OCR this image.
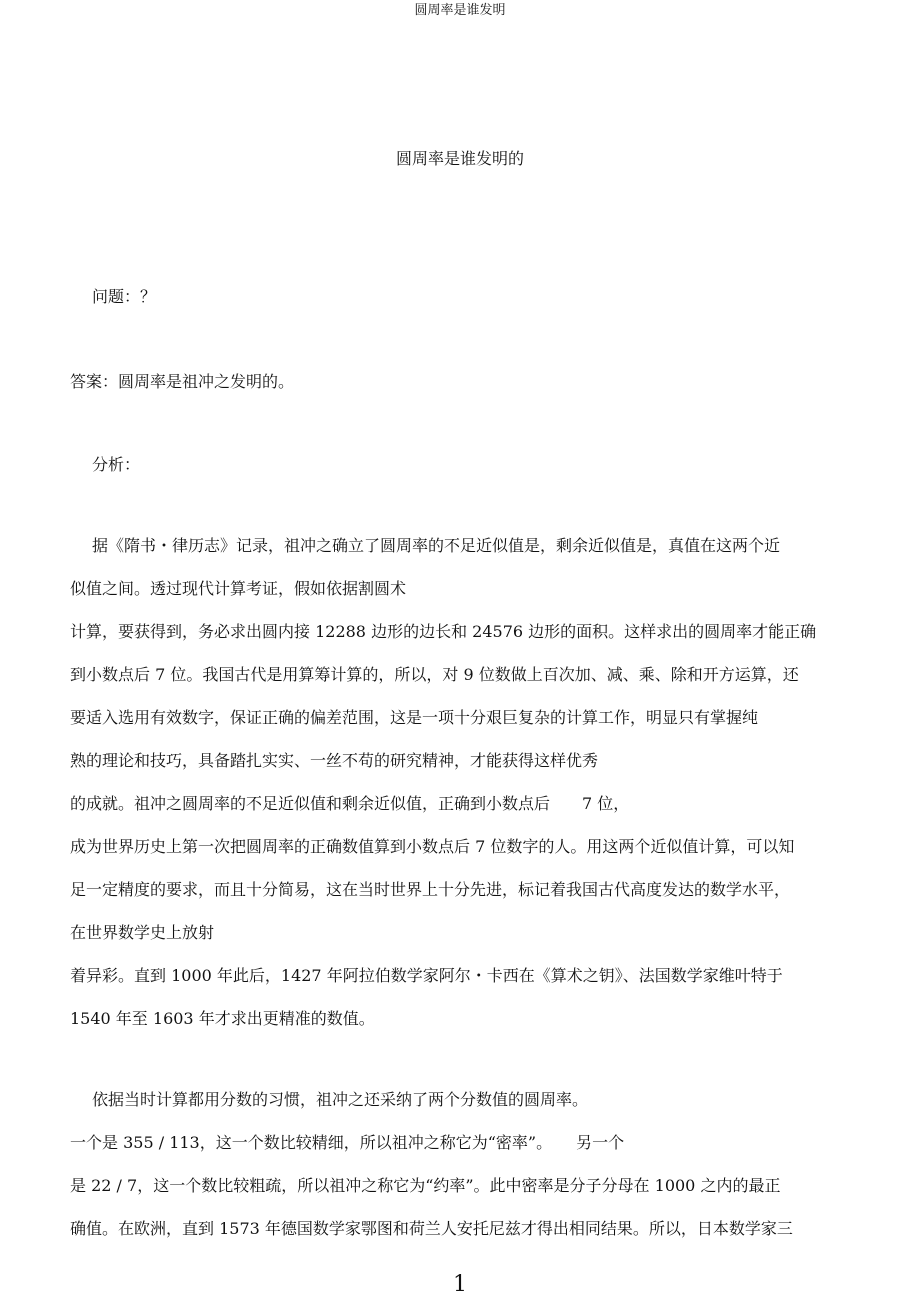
圆周率是谁发明
圆周率是谁发明的
问题：？
答案：圆周率是祖冲之发明的。
分析：
据《隋书・律历志》记录，祖冲之确立了圆周率的不足近似值是，剩余近似值是，真值在这两个近
似值之间。透过现代计算考证，假如依据割圆术
计算，要获得到，务必求出圆内接 12288 边形的边长和 24576 边形的面积。这样求出的圆周率才能正确
到小数点后 7 位。我国古代是用算筹计算的，所以，对 9 位数做上百次加、减、乘、除和开方运算，还
要适入选用有效数字，保证正确的偏差范围，这是一项十分艰巨复杂的计算工作，明显只有掌握纯
熟的理论和技巧，具备踏扎实实、一丝不苟的研究精神，才能获得这样优秀
的成就。祖冲之圆周率的不足近似值和剩余近似值，正确到小数点后　　7 位，
成为世界历史上第一次把圆周率的正确数值算到小数点后 7 位数字的人。用这两个近似值计算，可以知
足一定精度的要求，而且十分简易，这在当时世界上十分先进，标记着我国古代高度发达的数学水平，
在世界数学史上放射
着异彩。直到 1000 年此后，1427 年阿拉伯数学家阿尔・卡西在《算术之钥》、法国数学家维叶特于
1540 年至 1603 年才求出更精准的数值。
依据当时计算都用分数的习惯，祖冲之还采纳了两个分数值的圆周率。
一个是 355 / 113，这一个数比较精细，所以祖冲之称它为“密率”。　　另一个
是 22 / 7，这一个数比较粗疏，所以祖冲之称它为“约率”。此中密率是分子分母在 1000 之内的最正
确值。在欧洲，直到 1573 年德国数学家鄂图和荷兰人安托尼兹才得出相同结果。所以，日本数学家三
1
